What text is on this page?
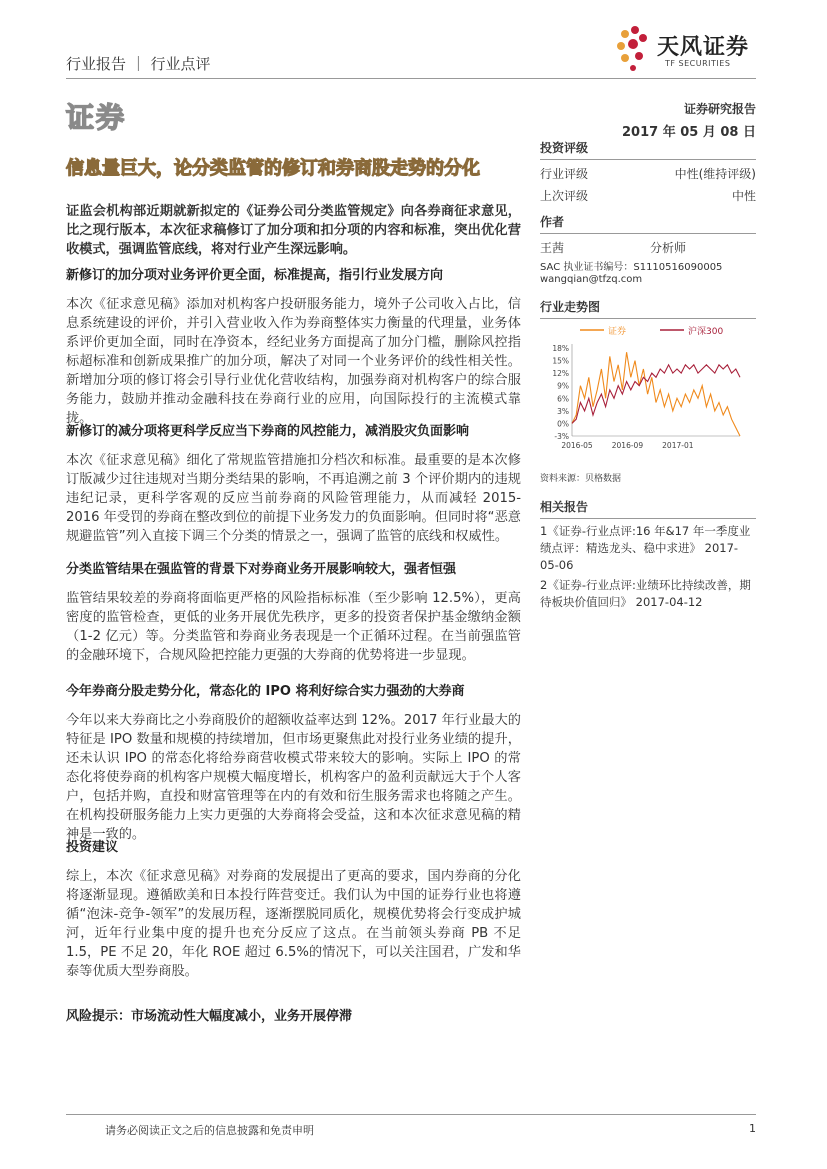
行业报告 ｜ 行业点评
天风证券
TF SECURITIES
证券	证券研究报告
2017 年 05 月 08 日
信息量巨大，论分类监管的修订和券商股走势的分化
证监会机构部近期就新拟定的《证券公司分类监管规定》向各券商征求意见，比之现行版本，本次征求稿修订了加分项和扣分项的内容和标准，突出优化营收模式，强调监管底线，将对行业产生深远影响。

新修订的加分项对业务评价更全面，标准提高，指引行业发展方向

本次《征求意见稿》添加对机构客户投研服务能力，境外子公司收入占比，信息系统建设的评价，并引入营业收入作为券商整体实力衡量的代理量，业务体系评价更加全面，同时在净资本，经纪业务方面提高了加分门槛，删除风控指标超标准和创新成果推广的加分项，解决了对同一个业务评价的线性相关性。新增加分项的修订将会引导行业优化营收结构，加强券商对机构客户的综合服务能力，鼓励并推动金融科技在券商行业的应用，向国际投行的主流模式靠拢。

新修订的减分项将更科学反应当下券商的风控能力，减消股灾负面影响

本次《征求意见稿》细化了常规监管措施扣分档次和标准。最重要的是本次修订版减少过往违规对当期分类结果的影响，不再追溯之前 3 个评价期内的违规违纪记录，更科学客观的反应当前券商的风险管理能力，从而减轻 2015-2016 年受罚的券商在整改到位的前提下业务发力的负面影响。但同时将“恶意规避监管”列入直接下调三个分类的情景之一，强调了监管的底线和权威性。

分类监管结果在强监管的背景下对券商业务开展影响较大，强者恒强

监管结果较差的券商将面临更严格的风险指标标准（至少影响 12.5%），更高密度的监管检查，更低的业务开展优先秩序，更多的投资者保护基金缴纳金额（1-2 亿元）等。分类监管和券商业务表现是一个正循环过程。在当前强监管的金融环境下，合规风险把控能力更强的大券商的优势将进一步显现。

今年券商分股走势分化，常态化的 IPO 将利好综合实力强劲的大券商

今年以来大券商比之小券商股价的超额收益率达到 12%。2017 年行业最大的特征是 IPO 数量和规模的持续增加，但市场更聚焦此对投行业务业绩的提升，还未认识 IPO 的常态化将给券商营收模式带来较大的影响。实际上 IPO 的常态化将使券商的机构客户规模大幅度增长，机构客户的盈利贡献远大于个人客户，包括并购，直投和财富管理等在内的有效和衍生服务需求也将随之产生。在机构投研服务能力上实力更强的大券商将会受益，这和本次征求意见稿的精神是一致的。

投资建议

综上，本次《征求意见稿》对券商的发展提出了更高的要求，国内券商的分化将逐渐显现。遵循欧美和日本投行阵营变迁。我们认为中国的证券行业也将遵循“泡沫-竞争-领军”的发展历程，逐渐摆脱同质化，规模优势将会行变成护城河，近年行业集中度的提升也充分反应了这点。在当前领头券商 PB 不足 1.5，PE 不足 20，年化 ROE 超过 6.5%的情况下，可以关注国君，广发和华泰等优质大型券商股。

风险提示：市场流动性大幅度减小，业务开展停滞
投资评级
行业评级	中性(维持评级)
上次评级	中性
作者
王茜	分析师
SAC 执业证书编号：S1110516090005
wangqian@tfzq.com
行业走势图
证券	沪深300
-3%
0%
3%
6%
9%
12%
15%
18%
2016-05	2016-09	2017-01
资料来源：贝格数据
相关报告
1《证券-行业点评:16 年&17 年一季度业绩点评：精选龙头、稳中求进》 2017-05-06
2《证券-行业点评:业绩环比持续改善，期待板块价值回归》 2017-04-12
请务必阅读正文之后的信息披露和免责申明	1
